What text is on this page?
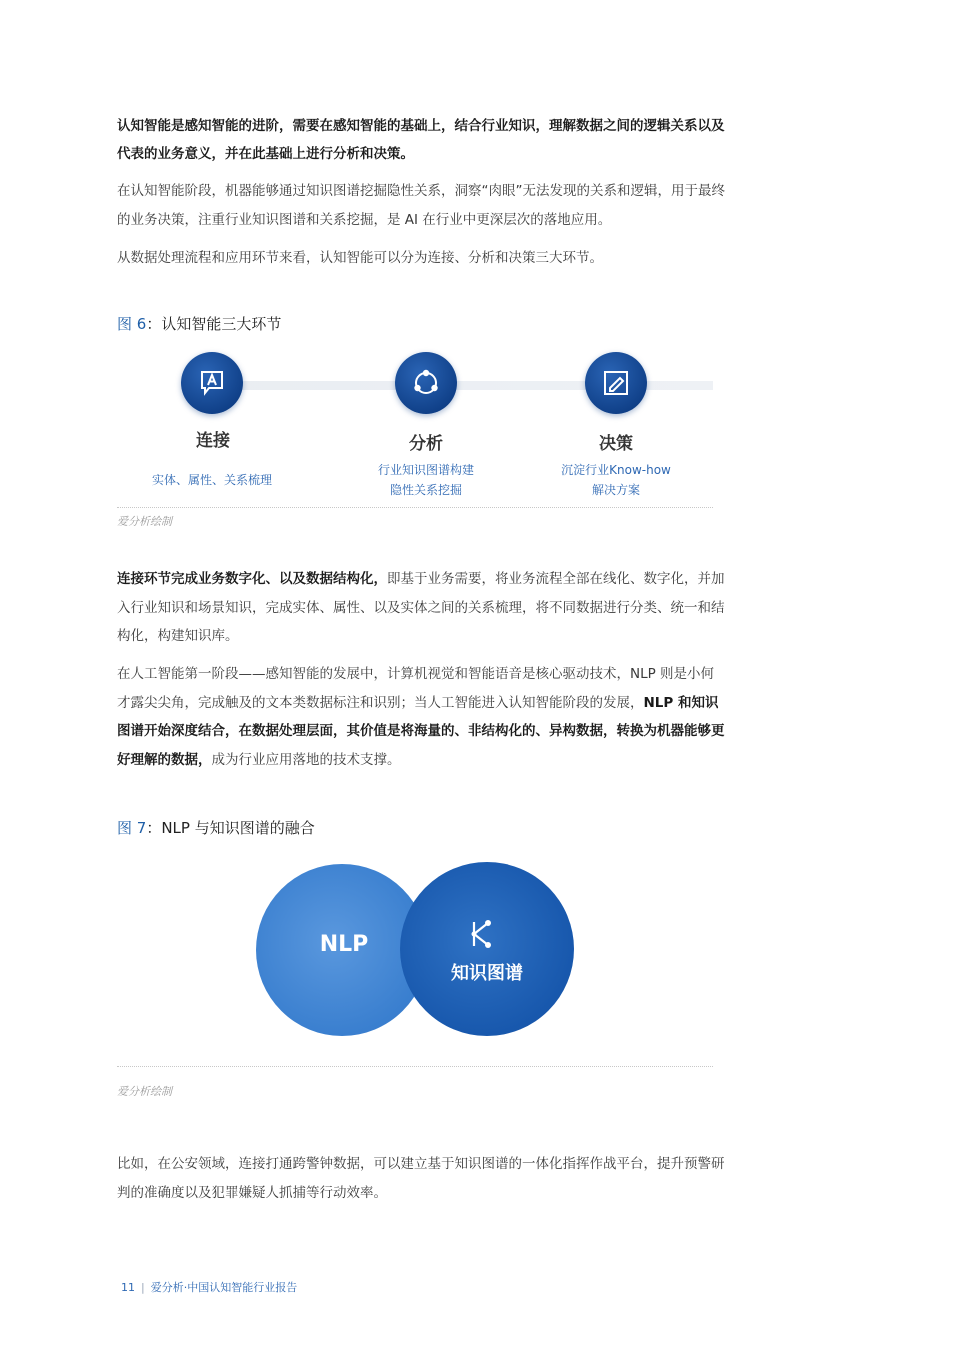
认知智能是感知智能的进阶，需要在感知智能的基础上，结合行业知识，理解数据之间的逻辑关系以及代表的业务意义，并在此基础上进行分析和决策。

在认知智能阶段，机器能够通过知识图谱挖掘隐性关系，洞察“肉眼”无法发现的关系和逻辑，用于最终的业务决策，注重行业知识图谱和关系挖掘，是 AI 在行业中更深层次的落地应用。

从数据处理流程和应用环节来看，认知智能可以分为连接、分析和决策三大环节。

图 6：认知智能三大环节
连接	分析	决策
实体、属性、关系梳理
行业知识图谱构建
隐性关系挖掘
沉淀行业Know-how
解决方案
爱分析绘制

连接环节完成业务数字化、以及数据结构化，即基于业务需要，将业务流程全部在线化、数字化，并加入行业知识和场景知识，完成实体、属性、以及实体之间的关系梳理，将不同数据进行分类、统一和结构化，构建知识库。

在人工智能第一阶段——感知智能的发展中，计算机视觉和智能语音是核心驱动技术，NLP 则是小何才露尖尖角，完成触及的文本类数据标注和识别；当人工智能进入认知智能阶段的发展，NLP 和知识图谱开始深度结合，在数据处理层面，其价值是将海量的、非结构化的、异构数据，转换为机器能够更好理解的数据，成为行业应用落地的技术支撑。

图 7：NLP 与知识图谱的融合
NLP
知识图谱
爱分析绘制

比如，在公安领域，连接打通跨警钟数据，可以建立基于知识图谱的一体化指挥作战平台，提升预警研判的准确度以及犯罪嫌疑人抓捕等行动效率。

11 | 爱分析·中国认知智能行业报告
